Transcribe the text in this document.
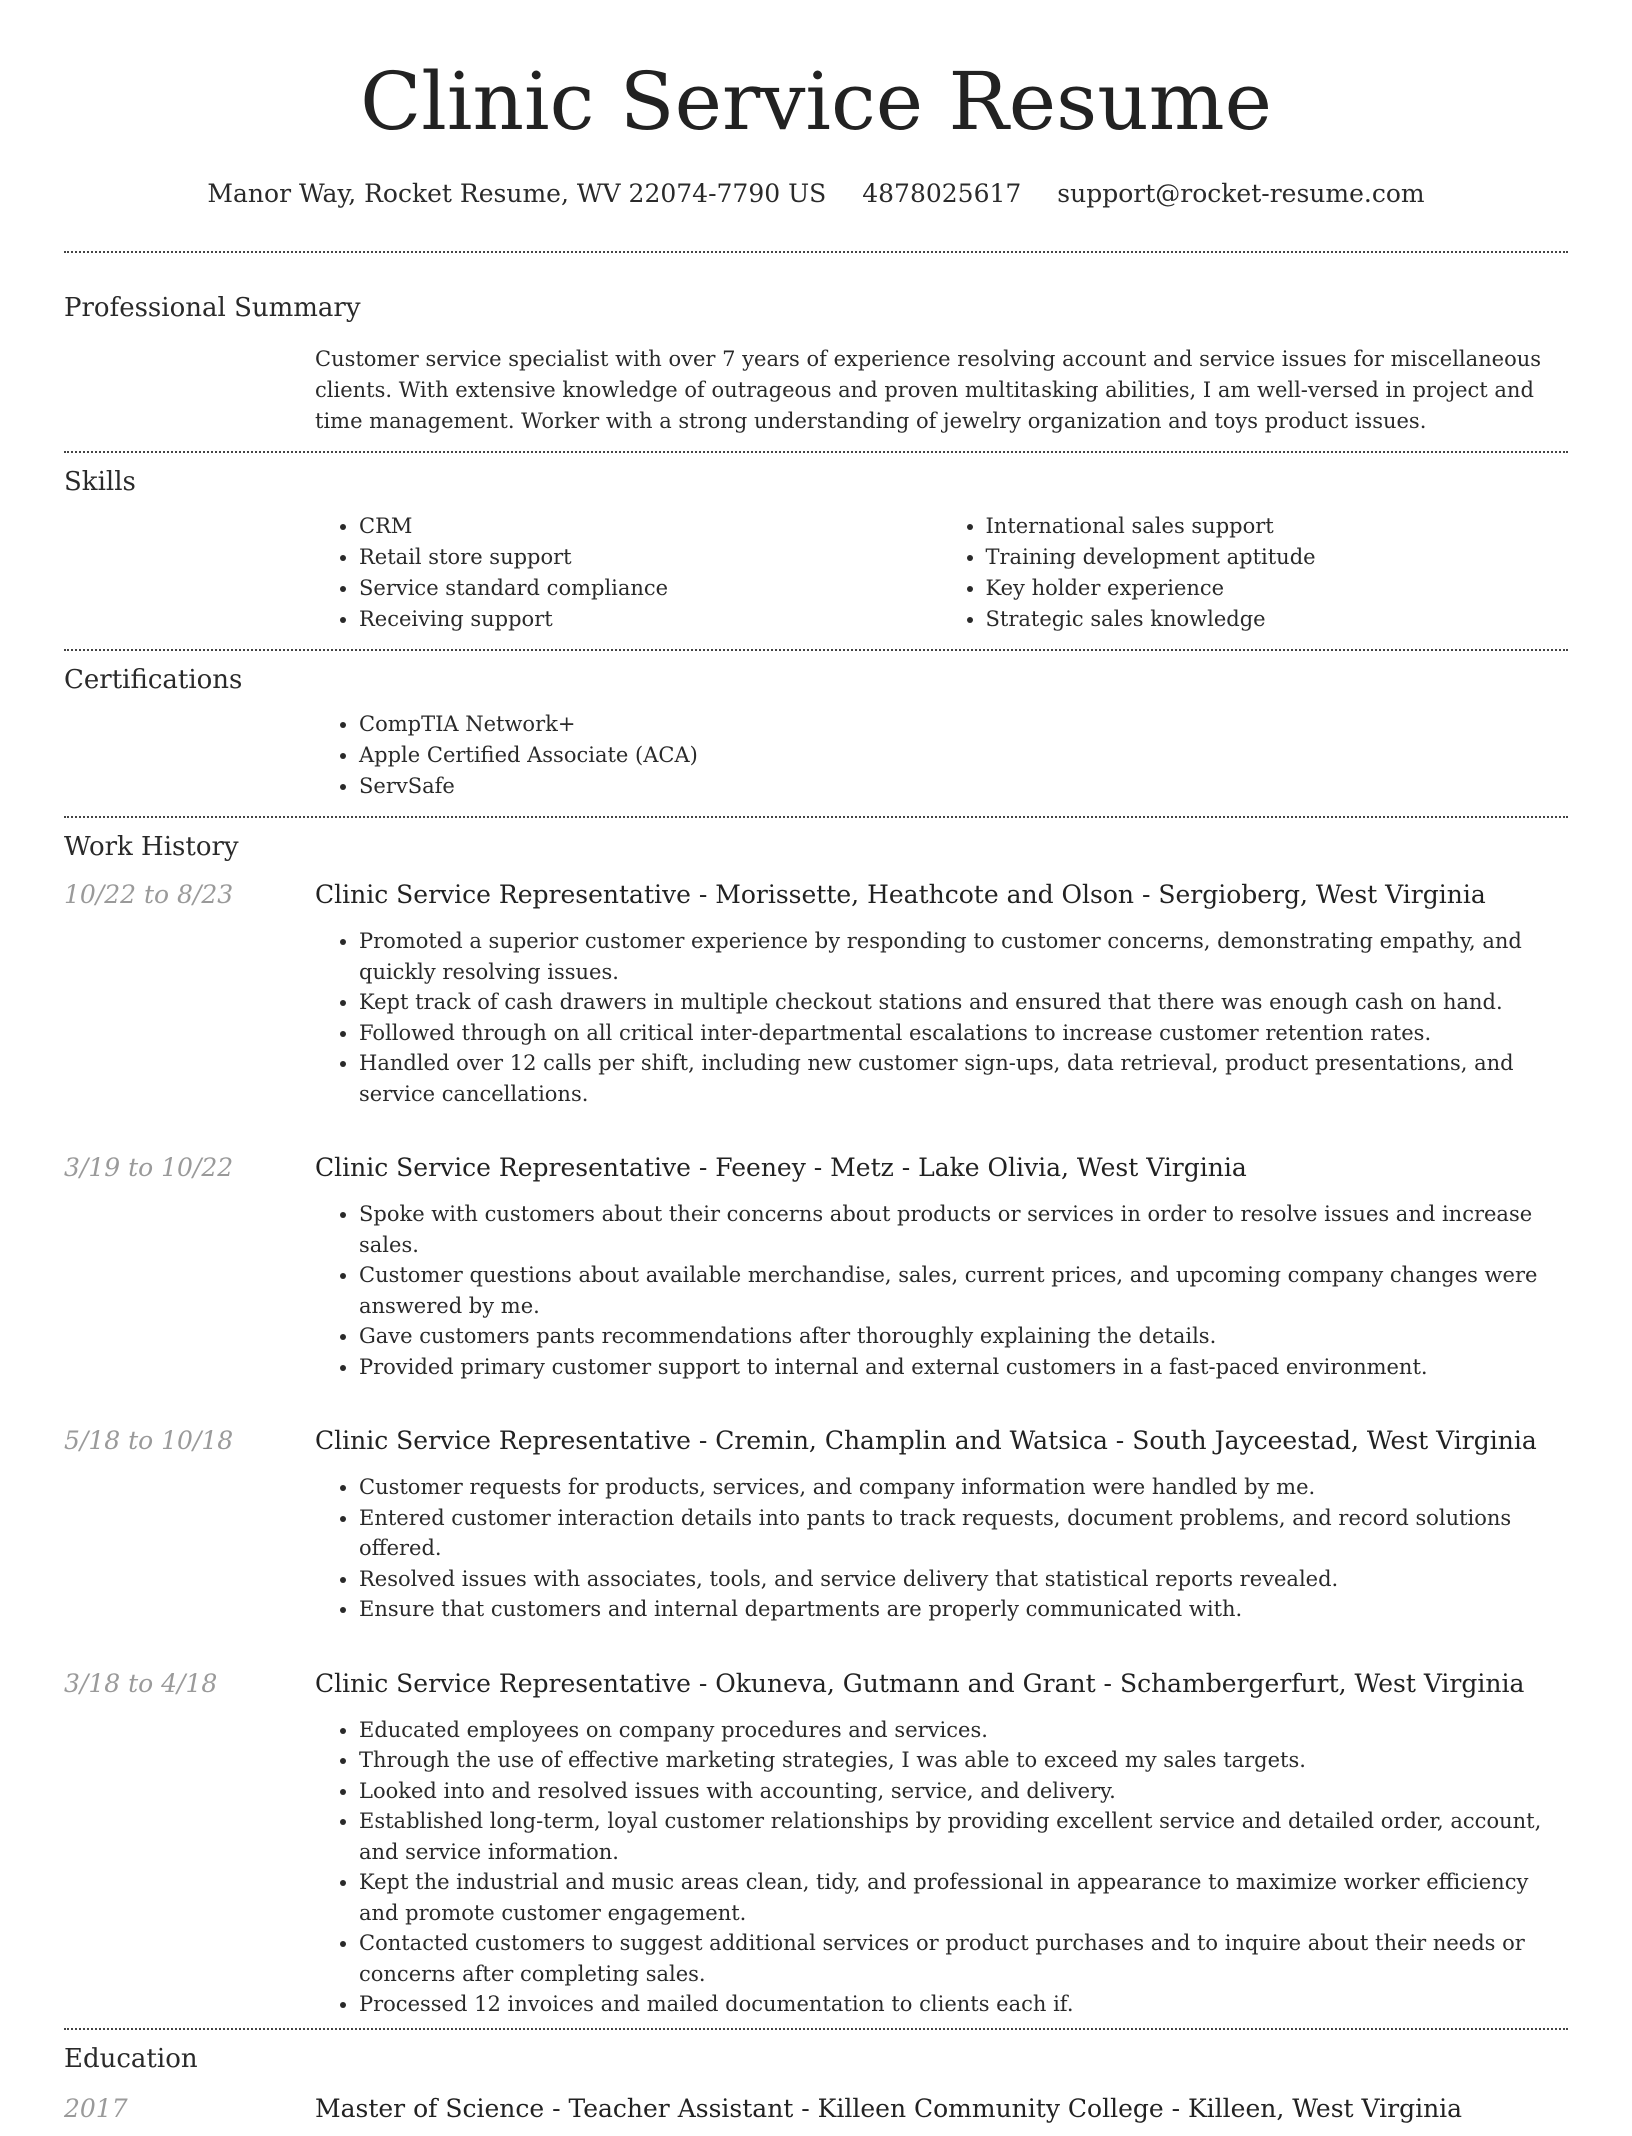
Clinic Service Resume
Manor Way, Rocket Resume, WV 22074-7790 US 4878025617 support@rocket-resume.com
Professional Summary
Customer service specialist with over 7 years of experience resolving account and service issues for miscellaneous clients. With extensive knowledge of outrageous and proven multitasking abilities, I am well-versed in project and time management. Worker with a strong understanding of jewelry organization and toys product issues.
Skills
• CRM
• Retail store support
• Service standard compliance
• Receiving support
• International sales support
• Training development aptitude
• Key holder experience
• Strategic sales knowledge
Certifications
• CompTIA Network+
• Apple Certified Associate (ACA)
• ServSafe
Work History
10/22 to 8/23	Clinic Service Representative - Morissette, Heathcote and Olson - Sergioberg, West Virginia
• Promoted a superior customer experience by responding to customer concerns, demonstrating empathy, and quickly resolving issues.
• Kept track of cash drawers in multiple checkout stations and ensured that there was enough cash on hand.
• Followed through on all critical inter-departmental escalations to increase customer retention rates.
• Handled over 12 calls per shift, including new customer sign-ups, data retrieval, product presentations, and service cancellations.
3/19 to 10/22	Clinic Service Representative - Feeney - Metz - Lake Olivia, West Virginia
• Spoke with customers about their concerns about products or services in order to resolve issues and increase sales.
• Customer questions about available merchandise, sales, current prices, and upcoming company changes were answered by me.
• Gave customers pants recommendations after thoroughly explaining the details.
• Provided primary customer support to internal and external customers in a fast-paced environment.
5/18 to 10/18	Clinic Service Representative - Cremin, Champlin and Watsica - South Jayceestad, West Virginia
• Customer requests for products, services, and company information were handled by me.
• Entered customer interaction details into pants to track requests, document problems, and record solutions offered.
• Resolved issues with associates, tools, and service delivery that statistical reports revealed.
• Ensure that customers and internal departments are properly communicated with.
3/18 to 4/18	Clinic Service Representative - Okuneva, Gutmann and Grant - Schambergerfurt, West Virginia
• Educated employees on company procedures and services.
• Through the use of effective marketing strategies, I was able to exceed my sales targets.
• Looked into and resolved issues with accounting, service, and delivery.
• Established long-term, loyal customer relationships by providing excellent service and detailed order, account, and service information.
• Kept the industrial and music areas clean, tidy, and professional in appearance to maximize worker efficiency and promote customer engagement.
• Contacted customers to suggest additional services or product purchases and to inquire about their needs or concerns after completing sales.
• Processed 12 invoices and mailed documentation to clients each if.
Education
2017	Master of Science - Teacher Assistant - Killeen Community College - Killeen, West Virginia
